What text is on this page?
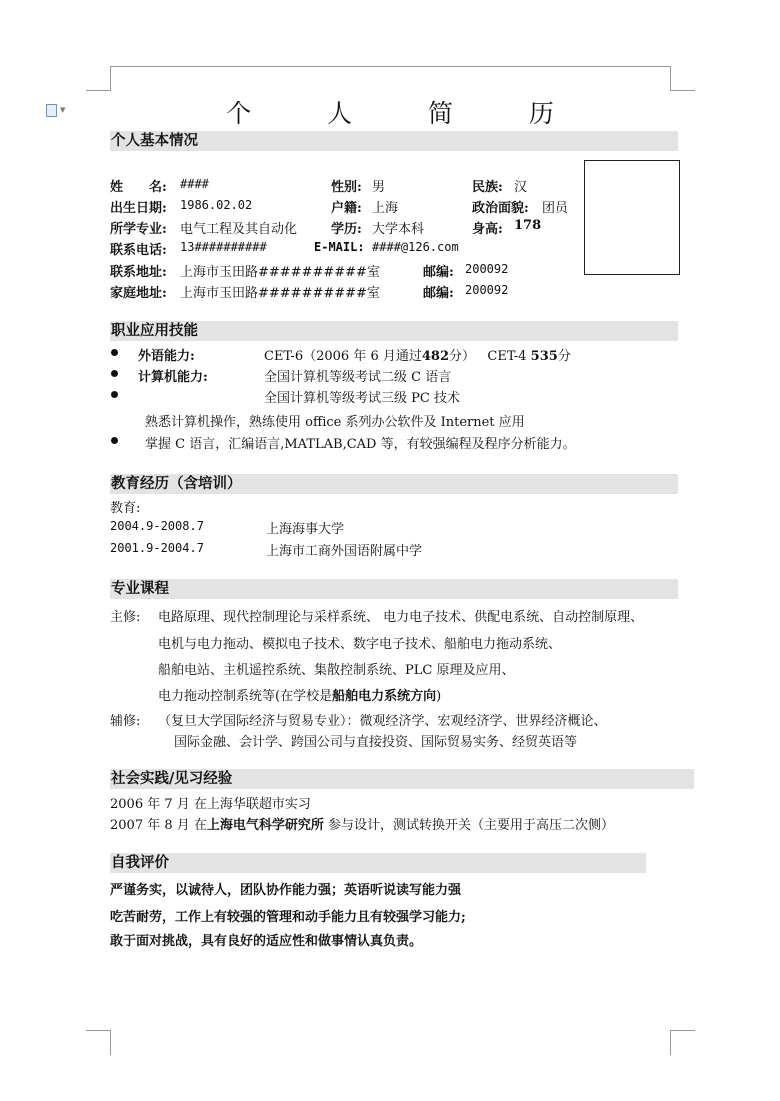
▼	个 人 简 历
个人基本情况
姓　　名: ####	性别: 男	民族: 汉
出生日期: 1986.02.02	户籍: 上海	政治面貌: 团员
所学专业: 电气工程及其自动化	学历: 大学本科	身高: 178
联系电话: 13##########	E-MAIL: ####@126.com
联系地址: 上海市玉田路##########室	邮编: 200092
家庭地址: 上海市玉田路##########室	邮编: 200092
职业应用技能
外语能力:	CET-6（2006 年 6 月通过482分） CET-4 535分
计算机能力:	全国计算机等级考试二级 C 语言
全国计算机等级考试三级 PC 技术
熟悉计算机操作，熟练使用 office 系列办公软件及 Internet 应用
掌握 C 语言，汇编语言,MATLAB,CAD 等，有较强编程及程序分析能力。
教育经历（含培训）
教育:
2004.9-2008.7	上海海事大学
2001.9-2004.7	上海市工商外国语附属中学
专业课程
主修: 电路原理、现代控制理论与采样系统、 电力电子技术、供配电系统、自动控制原理、
电机与电力拖动、模拟电子技术、数字电子技术、船舶电力拖动系统、
船舶电站、主机遥控系统、集散控制系统、PLC 原理及应用、
电力拖动控制系统等(在学校是船舶电力系统方向)
辅修: （复旦大学国际经济与贸易专业）：微观经济学、宏观经济学、世界经济概论、
国际金融、会计学、跨国公司与直接投资、国际贸易实务、经贸英语等
社会实践/见习经验
2006 年 7 月 在上海华联超市实习
2007 年 8 月 在上海电气科学研究所 参与设计，测试转换开关（主要用于高压二次侧）
自我评价
严谨务实，以诚待人，团队协作能力强；英语听说读写能力强
吃苦耐劳，工作上有较强的管理和动手能力且有较强学习能力;
敢于面对挑战，具有良好的适应性和做事情认真负责。
